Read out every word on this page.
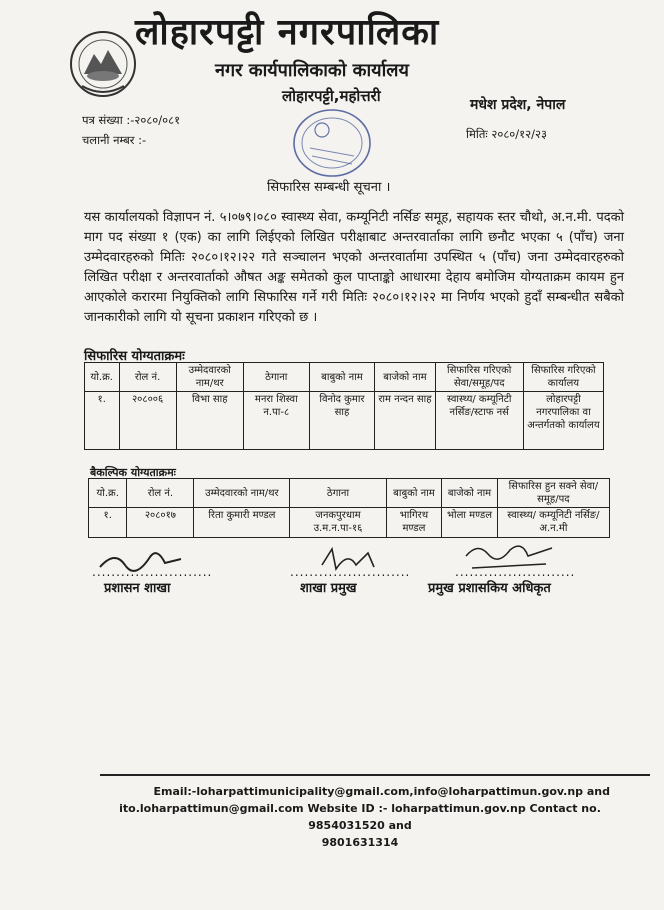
लोहारपट्टी नगरपालिका
नगर कार्यपालिकाको कार्यालय
लोहारपट्टी,महोत्तरी	मधेश प्रदेश, नेपाल
पत्र संख्या :-२०८०/०८१
चलानी नम्बर :-	मितिः २०८०/१२/२३
सिफारिस सम्बन्धी सूचना ।
यस कार्यालयको विज्ञापन नं. ५।०७९।०८० स्वास्थ्य सेवा, कम्यूनिटी नर्सिङ समूह, सहायक स्तर चौथो, अ.न.मी. पदको माग पद संख्या १ (एक) का लागि लिईएको लिखित परीक्षाबाट अन्तरवार्ताका लागि छनौट भएका ५ (पाँच) जना उम्मेदवारहरुको मितिः २०८०।१२।२२ गते सञ्चालन भएको अन्तरवार्तामा उपस्थित ५ (पाँच) जना उम्मेदवारहरुको लिखित परीक्षा र अन्तरवार्ताको औषत अङ्क समेतको कुल पाप्ताङ्को आधारमा देहाय बमोजिम योग्यताक्रम कायम हुन आएकोले करारमा नियुक्तिको लागि सिफारिस गर्ने गरी मितिः २०८०।१२।२२ मा निर्णय भएको हुदाँ सम्बन्धीत सबैको जानकारीको लागि यो सूचना प्रकाशन गरिएको छ ।
सिफारिस योग्यताक्रमः
यो.क्र.	रोल नं.	उम्मेदवारको नाम/थर	ठेगाना	बाबुको नाम	बाजेको नाम	सिफारिस गरिएको सेवा/समूह/पद	सिफारिस गरिएको कार्यालय
१.	२०८००६	विभा साह	मनरा शिस्वा न.पा-८	विनोद कुमार साह	राम नन्दन साह	स्वास्थ्य/ कम्यूनिटी नर्सिङ/स्टाफ नर्स	लोहारपट्टी नगरपालिका वा अन्तर्गतको कार्यालय
बैकल्पिक योग्यताक्रमः
यो.क्र.	रोल नं.	उम्मेदवारको नाम/थर	ठेगाना	बाबुको नाम	बाजेको नाम	सिफारिस हुन सक्ने सेवा/समूह/पद
१.	२०८०१७	रिता कुमारी मण्डल	जनकपुरधाम उ.म.न.पा-१६	भागिरथ मण्डल	भोला मण्डल	स्वास्थ्य/ कम्यूनिटी नर्सिङ/अ.न.मी
.........................
प्रशासन शाखा
.........................
शाखा प्रमुख
.........................
प्रमुख प्रशासकिय अधिकृत
Email:-loharpattimunicipality@gmail.com,info@loharpattimun.gov.np and
ito.loharpattimun@gmail.com Website ID :- loharpattimun.gov.np Contact no. 9854031520 and
9801631314
